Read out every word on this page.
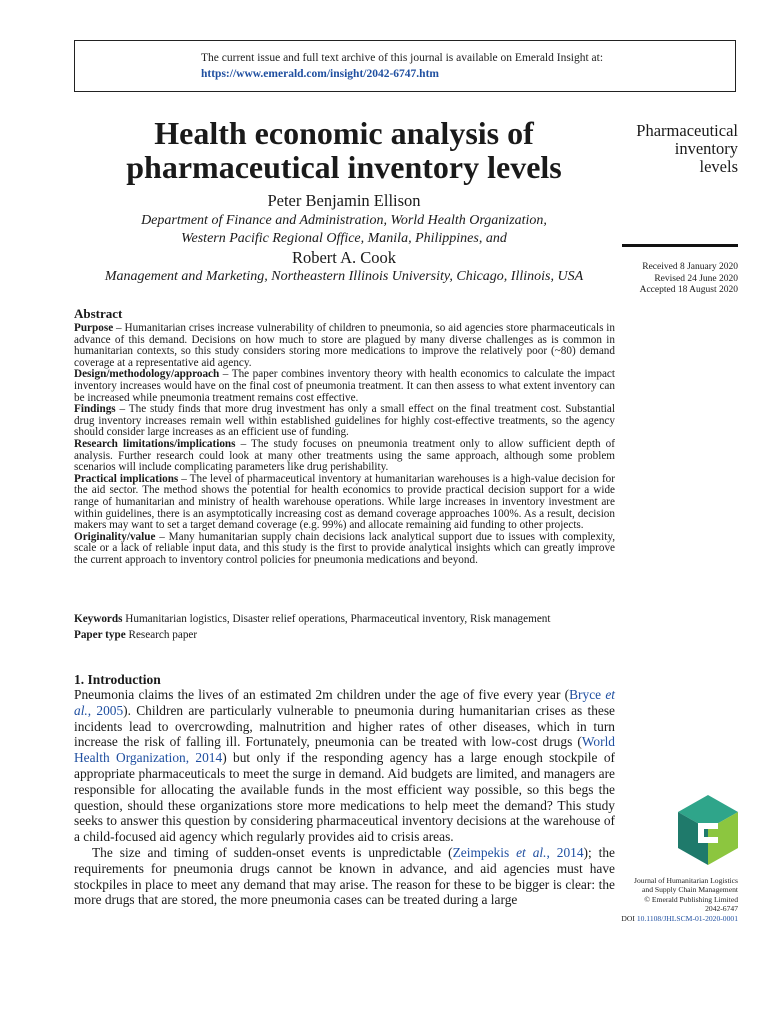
The current issue and full text archive of this journal is available on Emerald Insight at:
https://www.emerald.com/insight/2042-6747.htm
Health economic analysis of
pharmaceutical inventory levels
Pharmaceutical
inventory
levels
Received 8 January 2020
Revised 24 June 2020
Accepted 18 August 2020
Peter Benjamin Ellison
Department of Finance and Administration, World Health Organization,
Western Pacific Regional Office, Manila, Philippines, and
Robert A. Cook
Management and Marketing, Northeastern Illinois University, Chicago, Illinois, USA
Abstract

Purpose – Humanitarian crises increase vulnerability of children to pneumonia, so aid agencies store pharmaceuticals in advance of this demand. Decisions on how much to store are plagued by many diverse challenges as is common in humanitarian contexts, so this study considers storing more medications to improve the relatively poor (~80) demand coverage at a representative aid agency.

Design/methodology/approach – The paper combines inventory theory with health economics to calculate the impact inventory increases would have on the final cost of pneumonia treatment. It can then assess to what extent inventory can be increased while pneumonia treatment remains cost effective.

Findings – The study finds that more drug investment has only a small effect on the final treatment cost. Substantial drug inventory increases remain well within established guidelines for highly cost-effective treatments, so the agency should consider large increases as an efficient use of funding.

Research limitations/implications – The study focuses on pneumonia treatment only to allow sufficient depth of analysis. Further research could look at many other treatments using the same approach, although some problem scenarios will include complicating parameters like drug perishability.

Practical implications – The level of pharmaceutical inventory at humanitarian warehouses is a high-value decision for the aid sector. The method shows the potential for health economics to provide practical decision support for a wide range of humanitarian and ministry of health warehouse operations. While large increases in inventory investment are within guidelines, there is an asymptotically increasing cost as demand coverage approaches 100%. As a result, decision makers may want to set a target demand coverage (e.g. 99%) and allocate remaining aid funding to other projects.

Originality/value – Many humanitarian supply chain decisions lack analytical support due to issues with complexity, scale or a lack of reliable input data, and this study is the first to provide analytical insights which can greatly improve the current approach to inventory control policies for pneumonia medications and beyond.

Keywords Humanitarian logistics, Disaster relief operations, Pharmaceutical inventory, Risk management
Paper type Research paper
1. Introduction

Pneumonia claims the lives of an estimated 2m children under the age of five every year (Bryce et al., 2005). Children are particularly vulnerable to pneumonia during humanitarian crises as these incidents lead to overcrowding, malnutrition and higher rates of other diseases, which in turn increase the risk of falling ill. Fortunately, pneumonia can be treated with low-cost drugs (World Health Organization, 2014) but only if the responding agency has a large enough stockpile of appropriate pharmaceuticals to meet the surge in demand. Aid budgets are limited, and managers are responsible for allocating the available funds in the most efficient way possible, so this begs the question, should these organizations store more medications to help meet the demand? This study seeks to answer this question by considering pharmaceutical inventory decisions at the warehouse of a child-focused aid agency which regularly provides aid to crisis areas.

The size and timing of sudden-onset events is unpredictable (Zeimpekis et al., 2014); the requirements for pneumonia drugs cannot be known in advance, and aid agencies must have stockpiles in place to meet any demand that may arise. The reason for these to be bigger is clear: the more drugs that are stored, the more pneumonia cases can be treated during a large

Journal of Humanitarian Logistics
and Supply Chain Management
© Emerald Publishing Limited
2042-6747
DOI 10.1108/JHLSCM-01-2020-0001
